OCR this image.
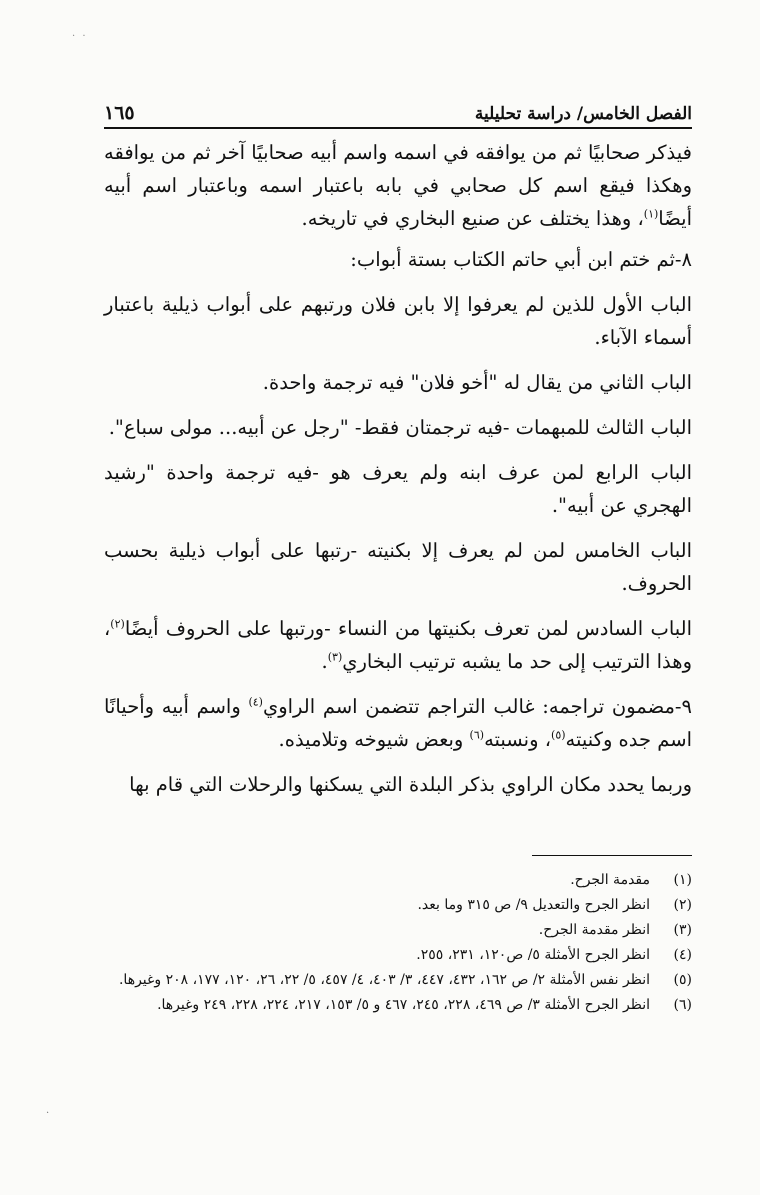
. .
الفصل الخامس/ دراسة تحليلية
١٦٥

فيذكر صحابيًا ثم من يوافقه في اسمه واسم أبيه صحابيًا آخر ثم من يوافقه وهكذا فيقع اسم كل صحابي في بابه باعتبار اسمه وباعتبار اسم أبيه أيضًا$^{(١)}$، وهذا يختلف عن صنيع البخاري في تاريخه.

٨-ثم ختم ابن أبي حاتم الكتاب بستة أبواب:

الباب الأول للذين لم يعرفوا إلا بابن فلان ورتبهم على أبواب ذيلية باعتبار أسماء الآباء.

الباب الثاني من يقال له "أخو فلان" فيه ترجمة واحدة.

الباب الثالث للمبهمات -فيه ترجمتان فقط- "رجل عن أبيه... مولى سباع".

الباب الرابع لمن عرف ابنه ولم يعرف هو -فيه ترجمة واحدة "رشيد الهجري عن أبيه".

الباب الخامس لمن لم يعرف إلا بكنيته -رتبها على أبواب ذيلية بحسب الحروف.

الباب السادس لمن تعرف بكنيتها من النساء -ورتبها على الحروف أيضًا$^{(٢)}$، وهذا الترتيب إلى حد ما يشبه ترتيب البخاري$^{(٣)}$.

٩-مضمون تراجمه: غالب التراجم تتضمن اسم الراوي$^{(٤)}$ واسم أبيه وأحيانًا اسم جده وكنيته$^{(٥)}$، ونسبته$^{(٦)}$ وبعض شيوخه وتلاميذه.

وربما يحدد مكان الراوي بذكر البلدة التي يسكنها والرحلات التي قام بها

(١)
مقدمة الجرح.
(٢)
انظر الجرح والتعديل ٩/ ص ٣١٥ وما بعد.
(٣)
انظر مقدمة الجرح.
(٤)
انظر الجرح الأمثلة ٥/ ص١٢٠، ٢٣١، ٢٥٥.
(٥)
انظر نفس الأمثلة ٢/ ص ١٦٢، ٤٣٢، ٤٤٧، ٣/ ٤٠٣، ٤/ ٤٥٧، ٥/ ٢٢، ٢٦، ١٢٠، ١٧٧، ٢٠٨ وغيرها.
(٦)
انظر الجرح الأمثلة ٣/ ص ٤٦٩، ٢٢٨، ٢٤٥، ٤٦٧ و ٥/ ١٥٣، ٢١٧، ٢٢٤، ٢٢٨، ٢٤٩ وغيرها.
.
